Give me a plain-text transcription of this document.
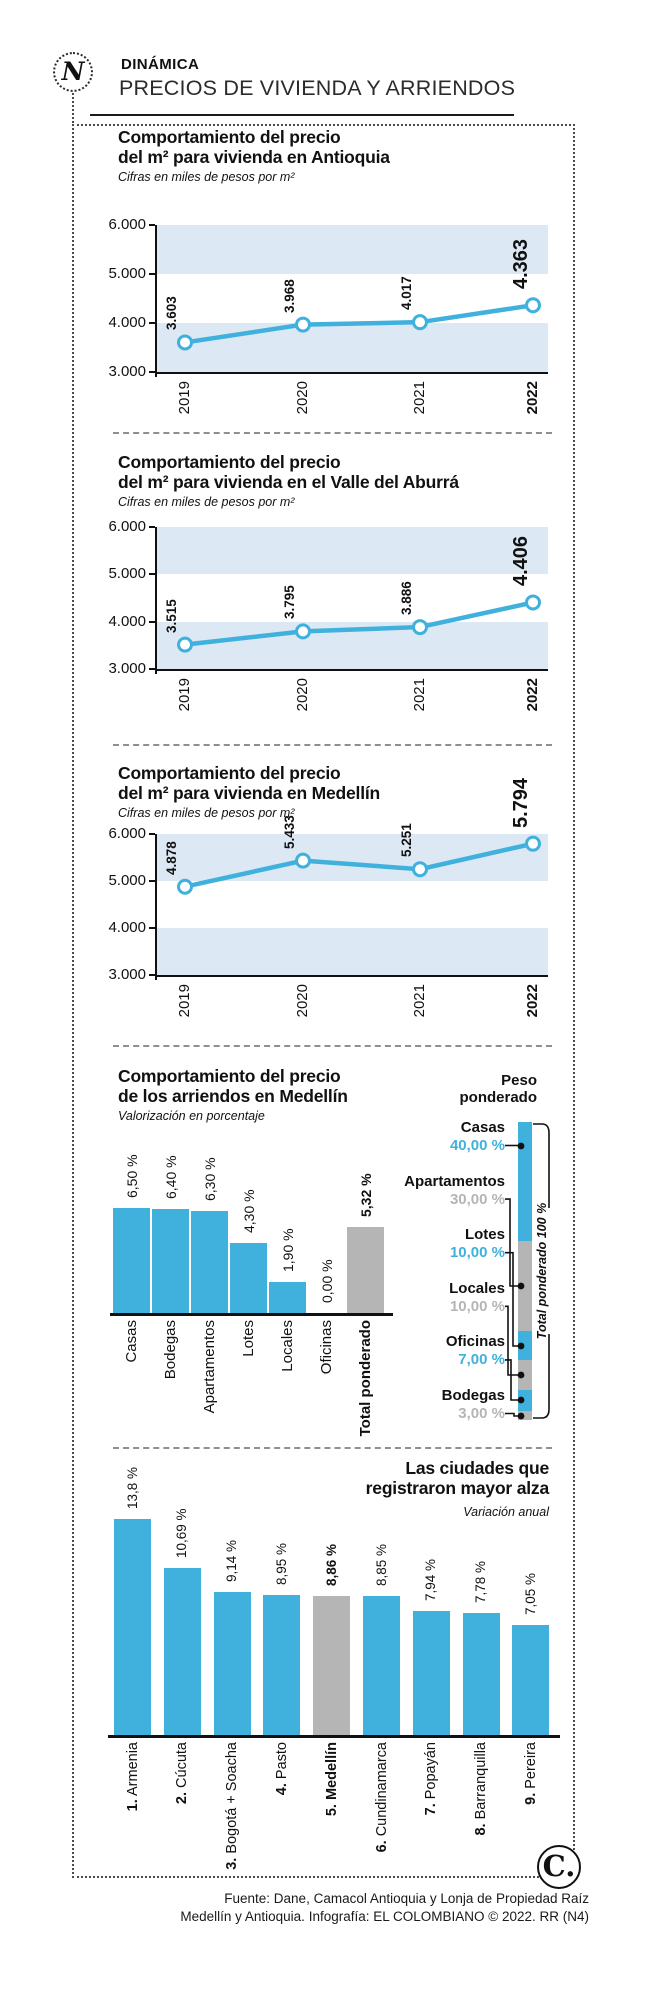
N	DINÁMICA
PRECIOS DE VIVIENDA Y ARRIENDOS
Comportamiento del precio
del m² para vivienda en Antioquia
Cifras en miles de pesos por m²
6.000
5.000
4.000
3.000
3.603
3.968	4.017
4.363
2019	2020	2021	2022
Comportamiento del precio
del m² para vivienda en el Valle del Aburrá
Cifras en miles de pesos por m²
6.000
5.000
4.000
3.000
3.515	3.795	3.886
4.406
2019	2020	2021	2022
Comportamiento del precio
del m² para vivienda en Medellín
Cifras en miles de pesos por m²
6.000
5.000
4.000
3.000
4.878
5.433	5.251
5.794
2019	2020	2021	2022
Comportamiento del precio
de los arriendos en Medellín
Valorización en porcentaje
6,50 %
Casas
6,40 %
Bodegas
6,30 %
Apartamentos
4,30 %
Lotes
1,90 %
Locales
0,00 %
Oficinas
5,32 %
Total ponderado
Peso
ponderado
Casas
40,00 %
Apartamentos
30,00 %
Lotes
10,00 %
Locales
10,00 %
Oficinas
7,00 %
Bodegas
3,00 %
Total ponderado 100 %
Las ciudades que
registraron mayor alza
Variación anual
13,8 %
1. Armenia
10,69 %
2. Cúcuta
9,14 %
3. Bogotá + Soacha
8,95 %
4. Pasto
8,86 %
5. Medellín
8,85 %
6. Cundinamarca
7,94 %
7. Popayán
7,78 %
8. Barranquilla
7,05 %
9. Pereira
Fuente: Dane, Camacol Antioquia y Lonja de Propiedad Raíz
Medellín y Antioquia. Infografía: EL COLOMBIANO © 2022. RR (N4)
C.
